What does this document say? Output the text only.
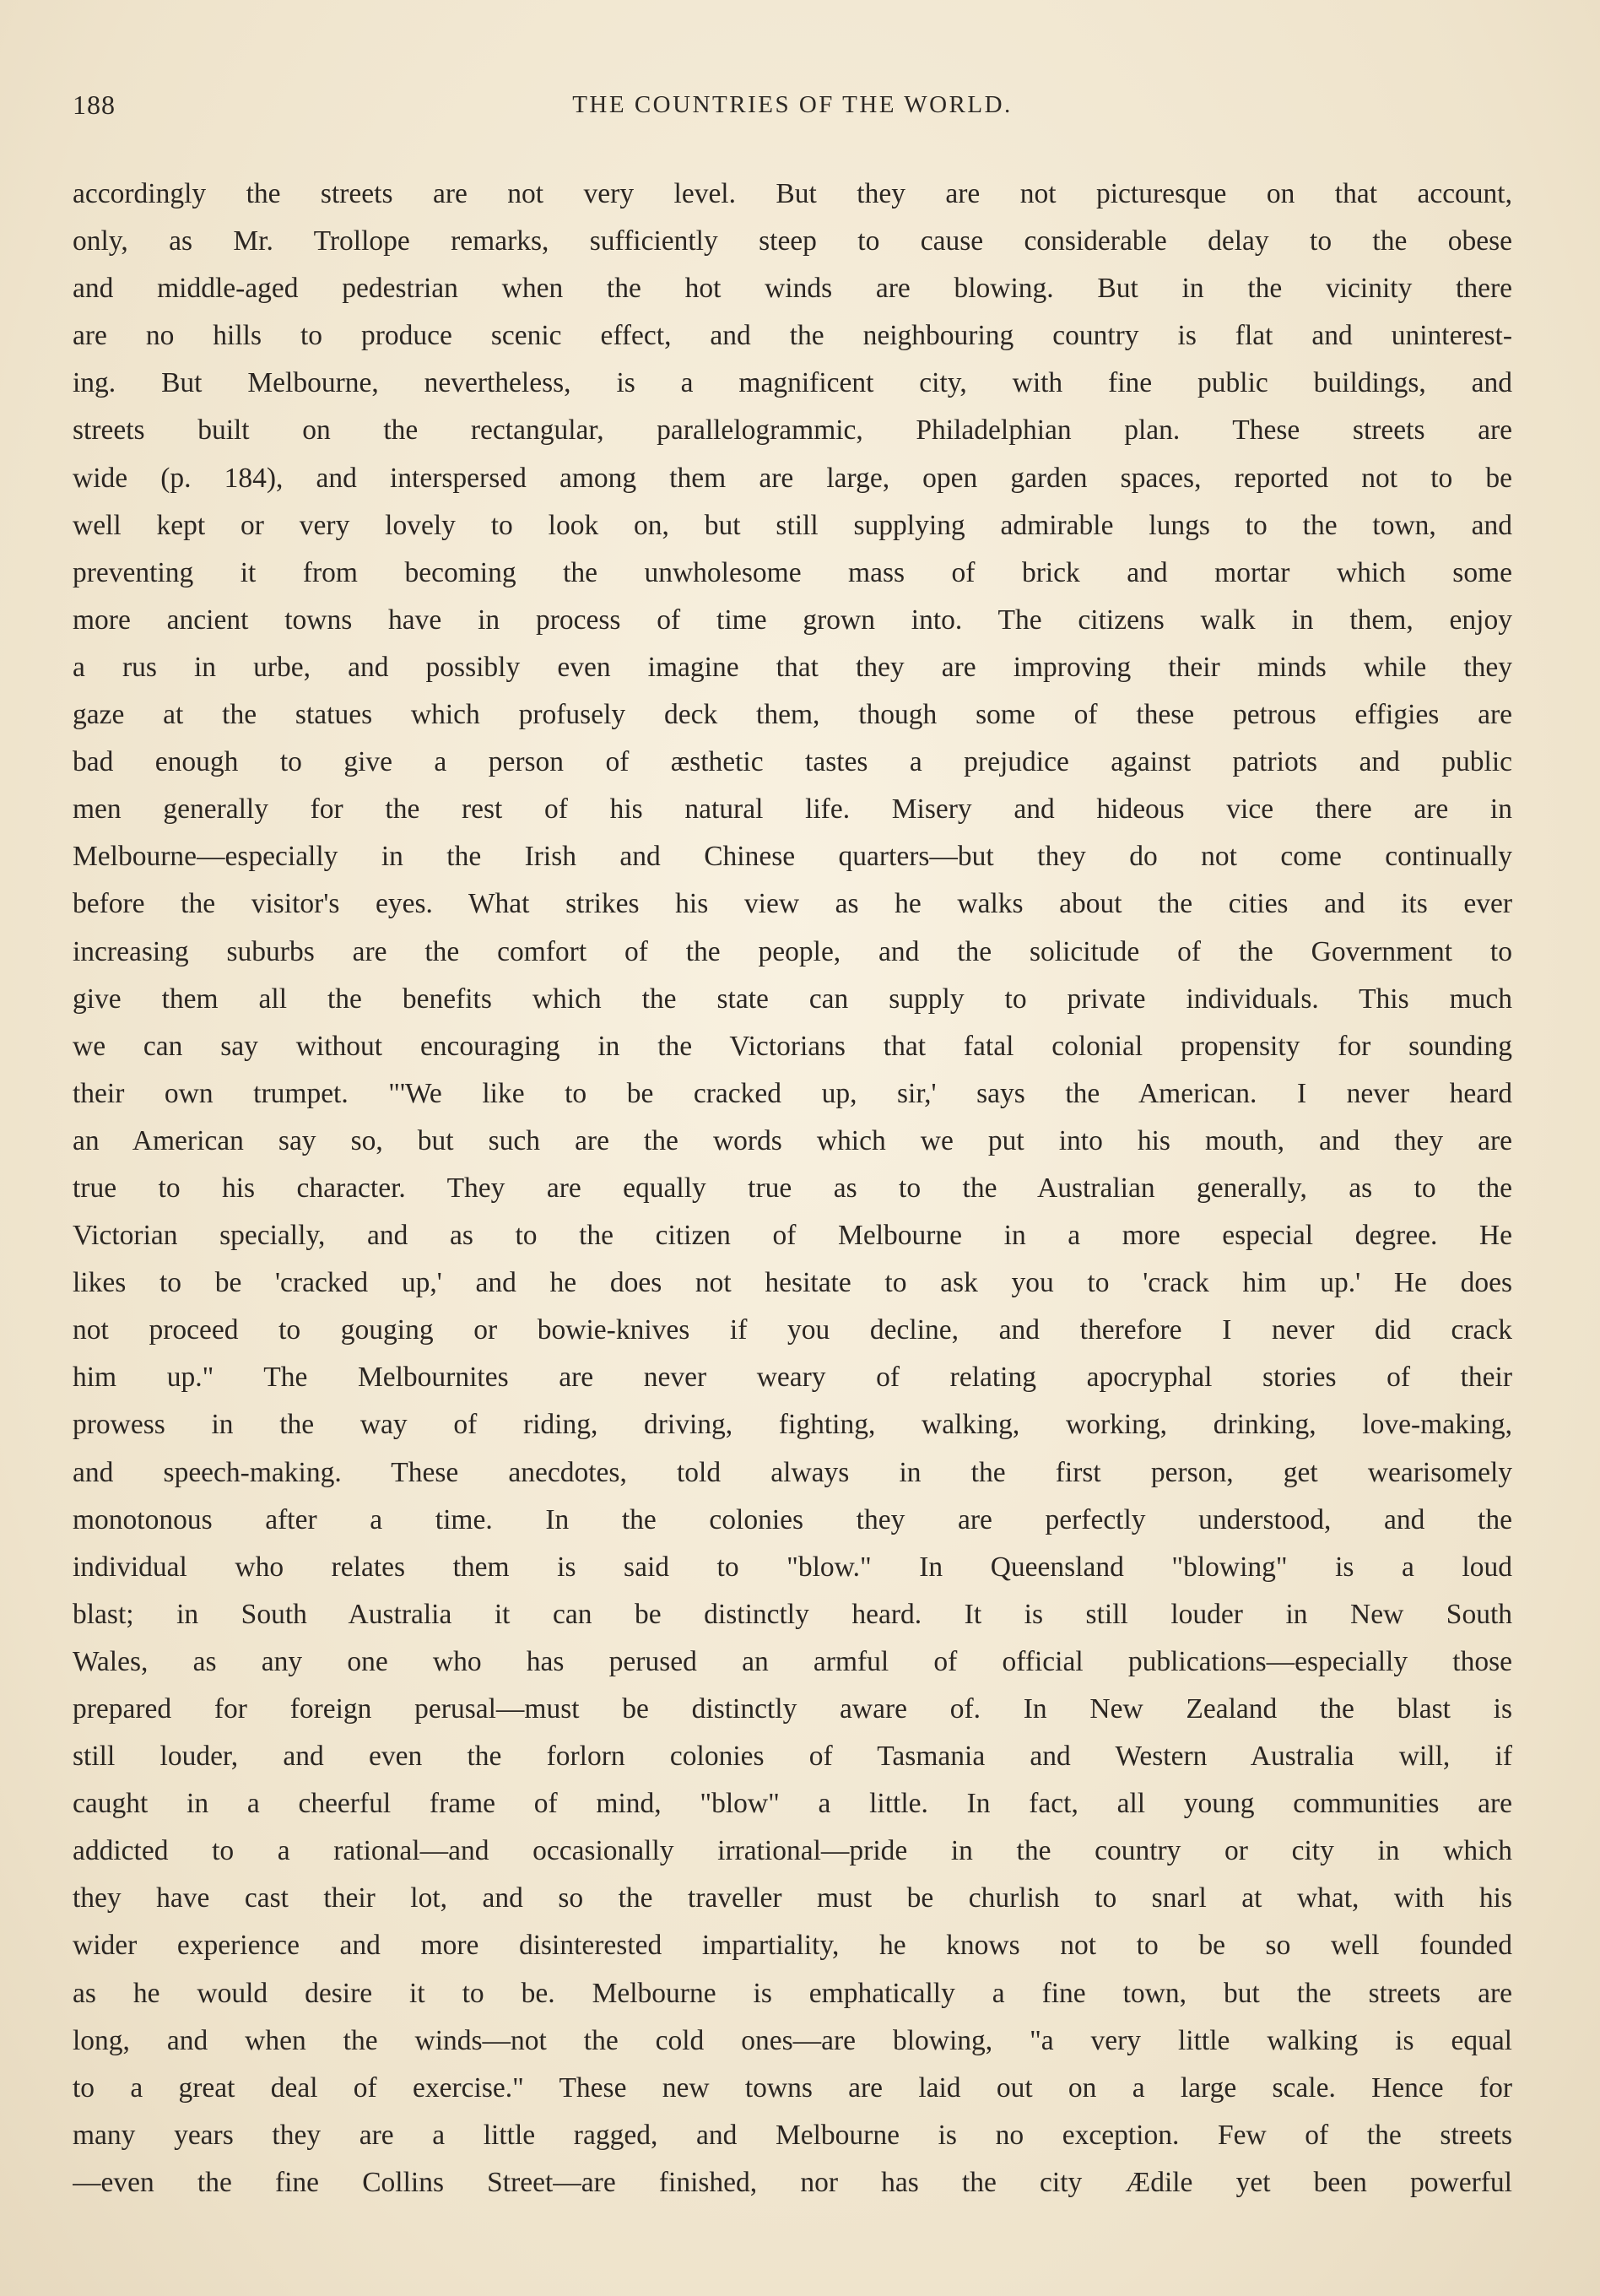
188	THE COUNTRIES OF THE WORLD.
accordingly the streets are not very level. But they are not picturesque on that account,
only, as Mr. Trollope remarks, sufficiently steep to cause considerable delay to the obese
and middle-aged pedestrian when the hot winds are blowing. But in the vicinity there
are no hills to produce scenic effect, and the neighbouring country is flat and uninterest-
ing. But Melbourne, nevertheless, is a magnificent city, with fine public buildings, and
streets built on the rectangular, parallelogrammic, Philadelphian plan. These streets are
wide (p. 184), and interspersed among them are large, open garden spaces, reported not to be
well kept or very lovely to look on, but still supplying admirable lungs to the town, and
preventing it from becoming the unwholesome mass of brick and mortar which some
more ancient towns have in process of time grown into. The citizens walk in them, enjoy
a rus in urbe, and possibly even imagine that they are improving their minds while they
gaze at the statues which profusely deck them, though some of these petrous effigies are
bad enough to give a person of æsthetic tastes a prejudice against patriots and public
men generally for the rest of his natural life. Misery and hideous vice there are in
Melbourne—especially in the Irish and Chinese quarters—but they do not come continually
before the visitor's eyes. What strikes his view as he walks about the cities and its ever
increasing suburbs are the comfort of the people, and the solicitude of the Government to
give them all the benefits which the state can supply to private individuals. This much
we can say without encouraging in the Victorians that fatal colonial propensity for sounding
their own trumpet. "'We like to be cracked up, sir,' says the American. I never heard
an American say so, but such are the words which we put into his mouth, and they are
true to his character. They are equally true as to the Australian generally, as to the
Victorian specially, and as to the citizen of Melbourne in a more especial degree. He
likes to be 'cracked up,' and he does not hesitate to ask you to 'crack him up.' He does
not proceed to gouging or bowie-knives if you decline, and therefore I never did crack
him up." The Melbournites are never weary of relating apocryphal stories of their
prowess in the way of riding, driving, fighting, walking, working, drinking, love-making,
and speech-making. These anecdotes, told always in the first person, get wearisomely
monotonous after a time. In the colonies they are perfectly understood, and the
individual who relates them is said to "blow." In Queensland "blowing" is a loud
blast; in South Australia it can be distinctly heard. It is still louder in New South
Wales, as any one who has perused an armful of official publications—especially those
prepared for foreign perusal—must be distinctly aware of. In New Zealand the blast is
still louder, and even the forlorn colonies of Tasmania and Western Australia will, if
caught in a cheerful frame of mind, "blow" a little. In fact, all young communities are
addicted to a rational—and occasionally irrational—pride in the country or city in which
they have cast their lot, and so the traveller must be churlish to snarl at what, with his
wider experience and more disinterested impartiality, he knows not to be so well founded
as he would desire it to be. Melbourne is emphatically a fine town, but the streets are
long, and when the winds—not the cold ones—are blowing, "a very little walking is equal
to a great deal of exercise." These new towns are laid out on a large scale. Hence for
many years they are a little ragged, and Melbourne is no exception. Few of the streets
—even the fine Collins Street—are finished, nor has the city Ædile yet been powerful
